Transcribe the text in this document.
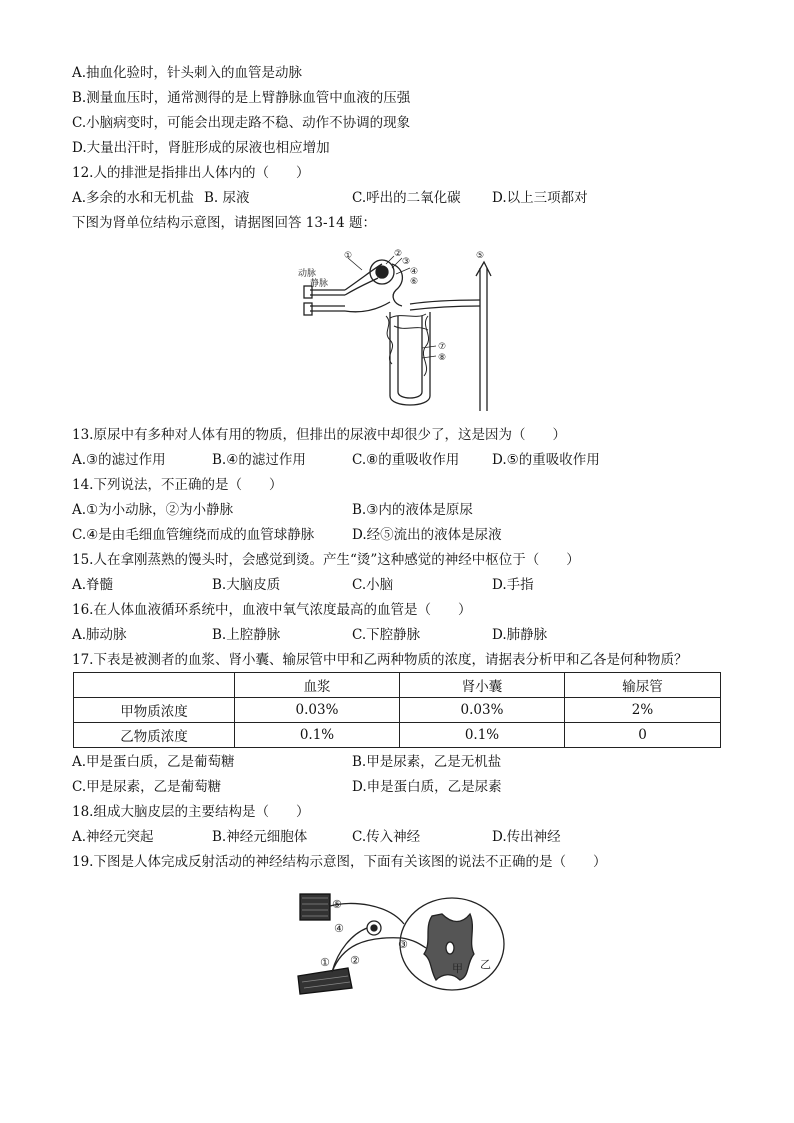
A.抽血化验时，针头刺入的血管是动脉
B.测量血压时，通常测得的是上臂静脉血管中血液的压强
C.小脑病变时，可能会出现走路不稳、动作不协调的现象
D.大量出汗时，肾脏形成的尿液也相应增加
12.人的排泄是指排出人体内的（　　）
A.多余的水和无机盐 B. 尿液	C.呼出的二氧化碳 D.以上三项都对
下图为肾单位结构示意图，请据图回答 13-14 题：
动脉
静脉
①	②
③
④
⑤
⑥
⑦
⑧
13.原尿中有多种对人体有用的物质，但排出的尿液中却很少了，这是因为（　　）
A.③的滤过作用	B.④的滤过作用	C.⑧的重吸收作用 D.⑤的重吸收作用
14.下列说法，不正确的是（　　）
A.①为小动脉，②为小静脉	B.③内的液体是原尿
C.④是由毛细血管缠绕而成的血管球静脉	D.经⑤流出的液体是尿液
15.人在拿刚蒸熟的馒头时，会感觉到烫。产生“烫”这种感觉的神经中枢位于（　　）
A.脊髓	B.大脑皮质	C.小脑	D.手指
16.在人体血液循环系统中，血液中氧气浓度最高的血管是（　　）
A.肺动脉	B.上腔静脉	C.下腔静脉	D.肺静脉
17.下表是被测者的血浆、肾小囊、输尿管中甲和乙两种物质的浓度，请据表分析甲和乙各是何种物质？
	血浆	肾小囊	输尿管
甲物质浓度	0.03%	0.03%	2%
乙物质浓度	0.1%	0.1%	0
A.甲是蛋白质，乙是葡萄糖	B.甲是尿素，乙是无机盐
C.甲是尿素，乙是葡萄糖	D.申是蛋白质，乙是尿素
18.组成大脑皮层的主要结构是（　　）
A.神经元突起	B.神经元细胞体	C.传入神经	D.传出神经
19.下图是人体完成反射活动的神经结构示意图，下面有关该图的说法不正确的是（　　）
⑤
④
① ②
③
甲 乙
